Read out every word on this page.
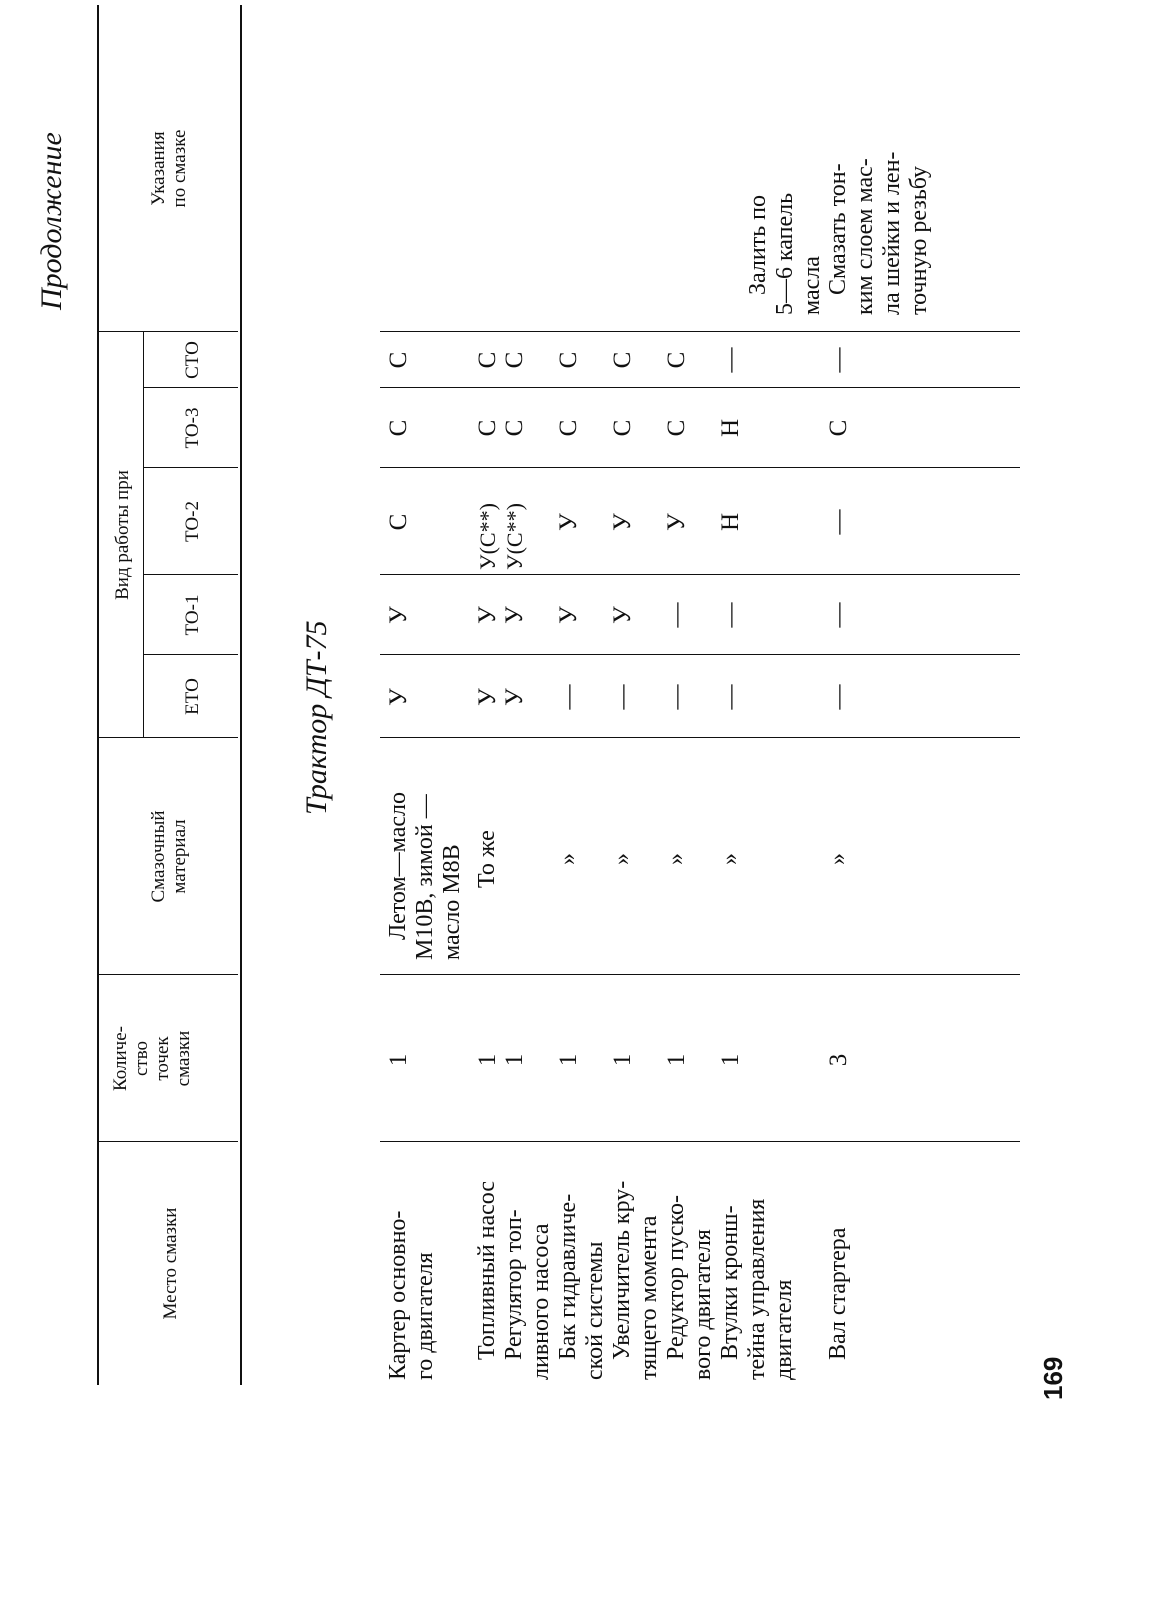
Продолжение
Место смазки
Количе- ство точек смазки
Смазочный материал
Вид работы при
ЕТО
ТО-1
ТО-2
ТО-3
СТО
Указания по смазке
Трактор ДТ-75
Картер основно- го двигателя
1
Летом—масло М10В, зимой — масло М8В
У
У
С
С
С
Топливный насос
1
То же
У
У
У(С**)
С
С
Регулятор топ- ливного насоса
1
У
У
У(С**)
С
С
Бак гидравличе- ской системы
1
»
—
У
У
С
С
Увеличитель кру- тящего момента
1
»
—
У
У
С
С
Редуктор пуско- вого двигателя
1
»
—
—
У
С
С
Втулки кронш- тейна управления двигателя
1
»
—
—
Н
Н
—
Залить по 5—6 капель масла
Вал стартера
3
»
—
—
—
С
—
Смазать тон- ким слоем мас- ла шейки и лен- точную резьбу
169
